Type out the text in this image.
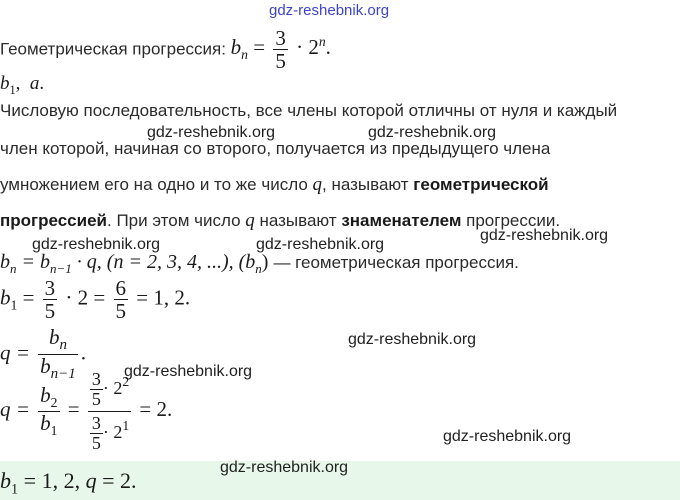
gdz-reshebnik.org
gdz-reshebnik.org	gdz-reshebnik.org
gdz-reshebnik.org	gdz-reshebnik.org
gdz-reshebnik.org
gdz-reshebnik.org
gdz-reshebnik.org
gdz-reshebnik.org
Геометрическая прогрессия: $b_n = \frac{3}{5} \cdot 2^n$.
$b_1$, a.
Числовую последовательность, все члены которой отличны от нуля и каждый
член которой, начиная со второго, получается из предыдущего члена
умножением его на одно и то же число q, называют геометрической
прогрессией. При этом число q называют знаменателем прогрессии.
$b_n = b_{n-1} \cdot q$, (n = 2, 3, 4, ...), $(b_n)$ — геометрическая прогрессия.
$b_1 = \frac{3}{5} \cdot 2 = \frac{6}{5} = 1$, 2.
$q = \frac{b_n}{b_{n-1}}$ .
$q = \frac{b_2}{b_1} = \frac{\frac{3}{5} \cdot 2^2}{\frac{3}{5} \cdot 2^1} = 2$.
$b_1 = 1$, 2, q = 2.
gdz-reshebnik.org
